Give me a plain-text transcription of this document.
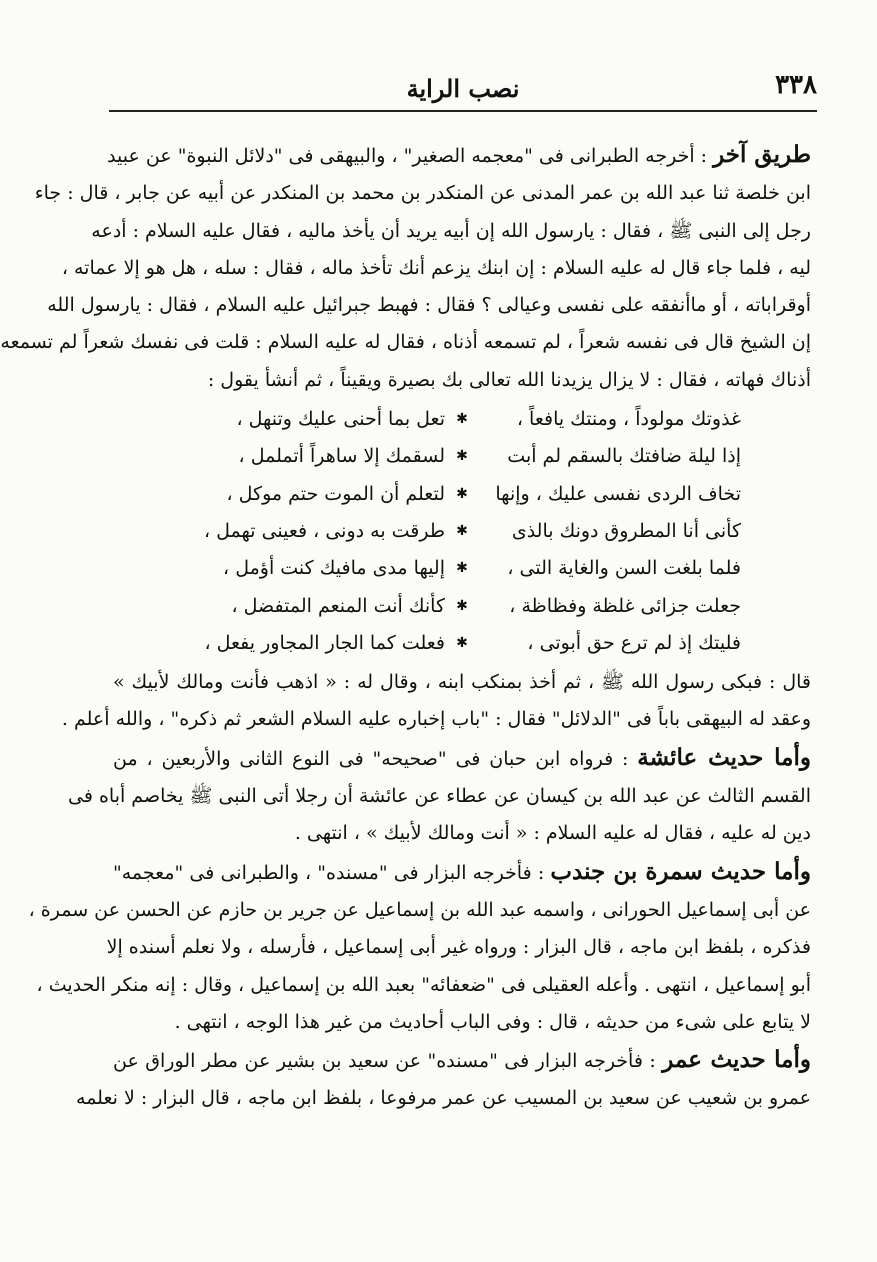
٣٣٨
نصب الراية
طريق آخر : أخرجه الطبرانى فى "معجمه الصغير" ، والبيهقى فى "دلائل النبوة" عن عبيد
ابن خلصة ثنا عبد الله بن عمر المدنى عن المنكدر بن محمد بن المنكدر عن أبيه عن جابر ، قال : جاء
رجل إلى النبى ﷺ ، فقال : يارسول الله إن أبيه يريد أن يأخذ ماليه ، فقال عليه السلام : أدعه
ليه ، فلما جاء قال له عليه السلام : إن ابنك يزعم أنك تأخذ ماله ، فقال : سله ، هل هو إلا عماته ،
أوقراباته ، أو ماأنفقه على نفسى وعيالى ؟ فقال : فهبط جبرائيل عليه السلام ، فقال : يارسول الله
إن الشيخ قال فى نفسه شعراً ، لم تسمعه أذناه ، فقال له عليه السلام : قلت فى نفسك شعراً لم تسمعه
أذناك فهاته ، فقال : لا يزال يزيدنا الله تعالى بك بصيرة ويقيناً ، ثم أنشأ يقول :
غذوتك مولوداً ، ومنتك يافعاً ،
✱
تعل بما أحنى عليك وتنهل ،
إذا ليلة ضافتك بالسقم لم أبت
✱
لسقمك إلا ساهراً أتململ ،
تخاف الردى نفسى عليك ، وإنها
✱
لتعلم أن الموت حتم موكل ،
كأنى أنا المطروق دونك بالذى
✱
طرقت به دونى ، فعينى تهمل ،
فلما بلغت السن والغاية التى ،
✱
إليها مدى مافيك كنت أؤمل ،
جعلت جزائى غلظة وفظاظة ،
✱
كأنك أنت المنعم المتفضل ،
فليتك إذ لم ترع حق أبوتى ،
✱
فعلت كما الجار المجاور يفعل ،
قال : فبكى رسول الله ﷺ ، ثم أخذ بمنكب ابنه ، وقال له : « اذهب فأنت ومالك لأبيك »
وعقد له البيهقى باباً فى "الدلائل" فقال : "باب إخباره عليه السلام الشعر ثم ذكره" ، والله أعلم .
وأما حديث عائشة : فرواه ابن حبان فى "صحيحه" فى النوع الثانى والأربعين ، من
القسم الثالث عن عبد الله بن كيسان عن عطاء عن عائشة أن رجلا أتى النبى ﷺ يخاصم أباه فى
دين له عليه ، فقال له عليه السلام : « أنت ومالك لأبيك » ، انتهى .
وأما حديث سمرة بن جندب : فأخرجه البزار فى "مسنده" ، والطبرانى فى "معجمه"
عن أبى إسماعيل الحورانى ، واسمه عبد الله بن إسماعيل عن جرير بن حازم عن الحسن عن سمرة ،
فذكره ، بلفظ ابن ماجه ، قال البزار : ورواه غير أبى إسماعيل ، فأرسله ، ولا نعلم أسنده إلا
أبو إسماعيل ، انتهى . وأعله العقيلى فى "ضعفائه" بعبد الله بن إسماعيل ، وقال : إنه منكر الحديث ،
لا يتابع على شىء من حديثه ، قال : وفى الباب أحاديث من غير هذا الوجه ، انتهى .
وأما حديث عمر : فأخرجه البزار فى "مسنده" عن سعيد بن بشير عن مطر الوراق عن
عمرو بن شعيب عن سعيد بن المسيب عن عمر مرفوعا ، بلفظ ابن ماجه ، قال البزار : لا نعلمه
